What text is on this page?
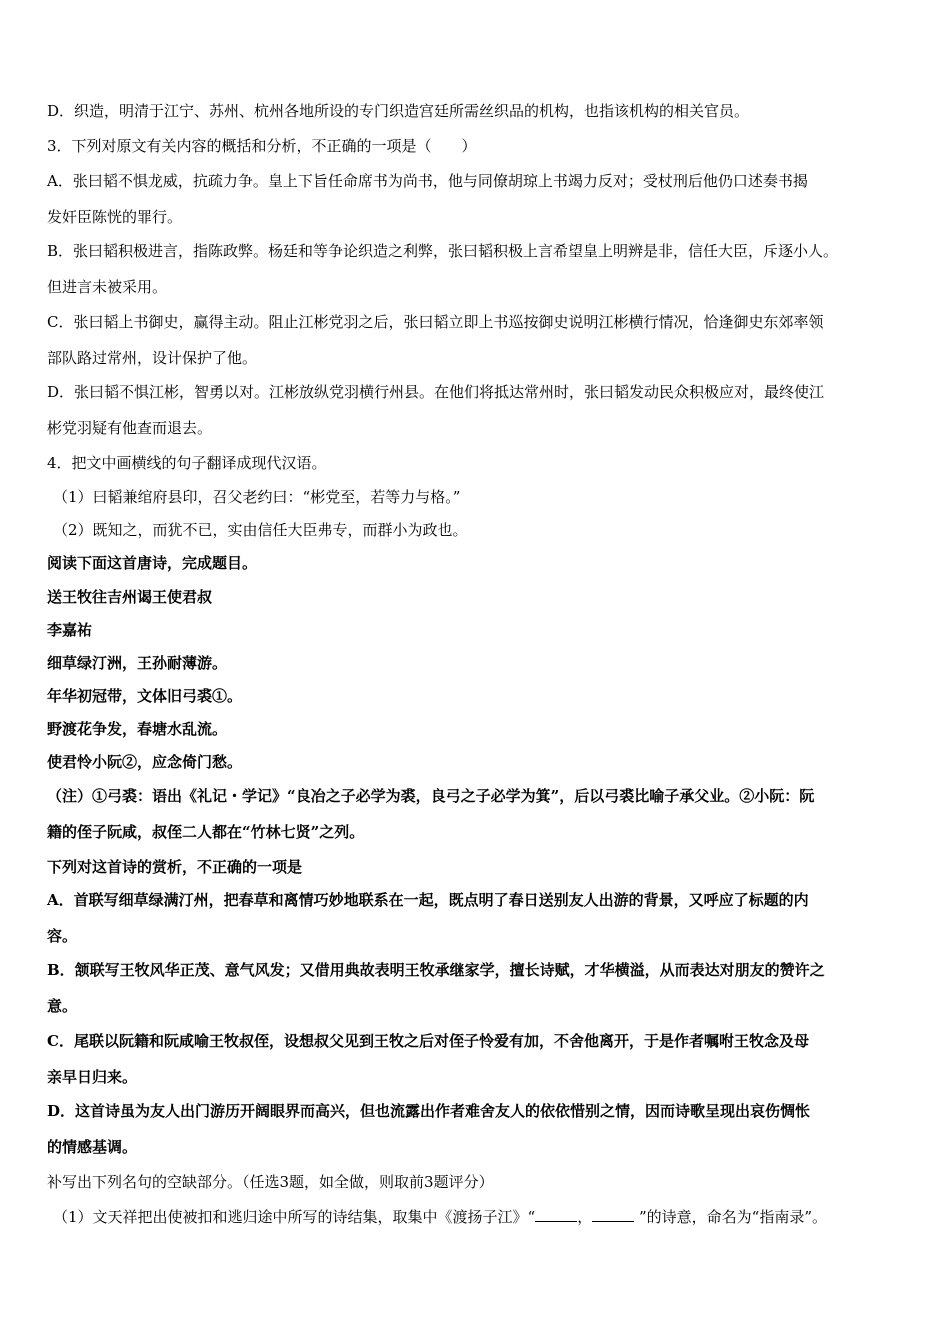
D．织造，明清于江宁、苏州、杭州各地所设的专门织造宫廷所需丝织品的机构，也指该机构的相关官员。
3．下列对原文有关内容的概括和分析，不正确的一项是（　　）
A．张曰韬不惧龙威，抗疏力争。皇上下旨任命席书为尚书，他与同僚胡琼上书竭力反对；受杖刑后他仍口述奏书揭
发奸臣陈恍的罪行。
B．张曰韬积极进言，指陈政弊。杨廷和等争论织造之利弊，张曰韬积极上言希望皇上明辨是非，信任大臣，斥逐小人。
但进言未被采用。
C．张曰韬上书御史，赢得主动。阻止江彬党羽之后，张曰韬立即上书巡按御史说明江彬横行情况，恰逢御史东郊率领
部队路过常州，设计保护了他。
D．张曰韬不惧江彬，智勇以对。江彬放纵党羽横行州县。在他们将抵达常州时，张曰韬发动民众积极应对，最终使江
彬党羽疑有他查而退去。
4．把文中画横线的句子翻译成现代汉语。
（1）曰韬兼绾府县印，召父老约曰：“彬党至，若等力与格。”
（2）既知之，而犹不已，实由信任大臣弗专，而群小为政也。
阅读下面这首唐诗，完成题目。
送王牧往吉州谒王使君叔
李嘉祐
细草绿汀洲，王孙耐薄游。
年华初冠带，文体旧弓裘①。
野渡花争发，春塘水乱流。
使君怜小阮②，应念倚门愁。
（注）①弓裘：语出《礼记・学记》“良冶之子必学为裘，良弓之子必学为箕”，后以弓裘比喻子承父业。②小阮：阮
籍的侄子阮咸，叔侄二人都在“竹林七贤”之列。
下列对这首诗的赏析，不正确的一项是
A．首联写细草绿满汀州，把春草和离情巧妙地联系在一起，既点明了春日送别友人出游的背景，又呼应了标题的内
容。
B．颔联写王牧风华正茂、意气风发；又借用典故表明王牧承继家学，擅长诗赋，才华横溢，从而表达对朋友的赞许之
意。
C．尾联以阮籍和阮咸喻王牧叔侄，设想叔父见到王牧之后对侄子怜爱有加，不舍他离开，于是作者嘱咐王牧念及母
亲早日归来。
D．这首诗虽为友人出门游历开阔眼界而高兴，但也流露出作者难舍友人的依依惜别之情，因而诗歌呈现出哀伤惆怅
的情感基调。
补写出下列名句的空缺部分。（任选3题，如全做，则取前3题评分）
（1）文天祥把出使被扣和逃归途中所写的诗结集，取集中《渡扬子江》“	，	”的诗意，命名为“指南录”。
